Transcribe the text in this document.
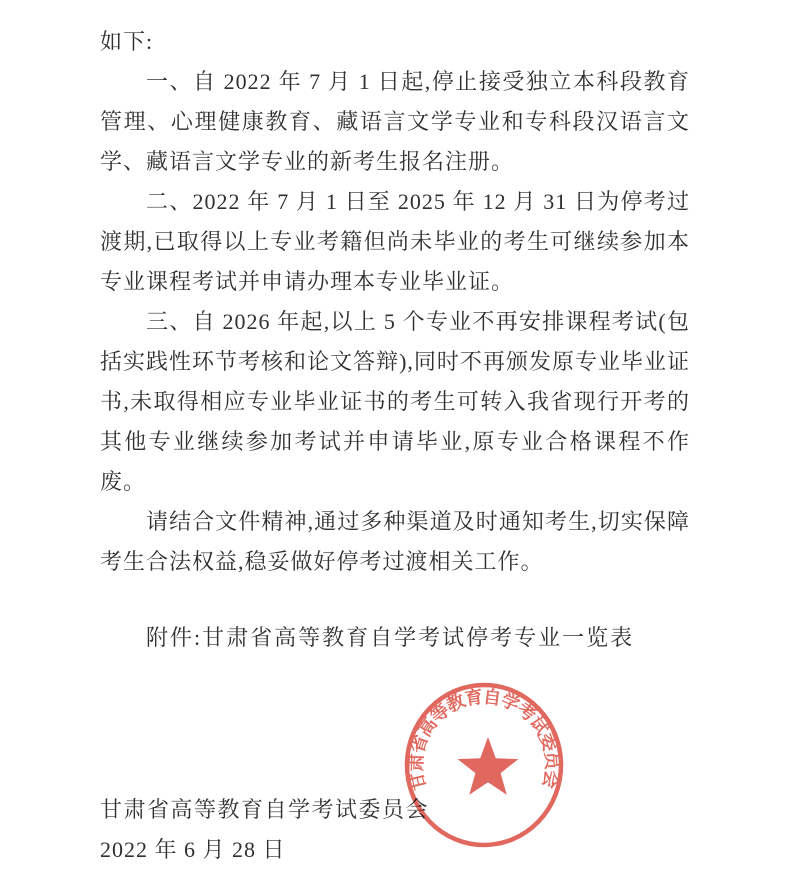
如下:

一、自 2022 年 7 月 1 日起,停止接受独立本科段教育管理、心理健康教育、藏语言文学专业和专科段汉语言文学、藏语言文学专业的新考生报名注册。

二、2022 年 7 月 1 日至 2025 年 12 月 31 日为停考过渡期,已取得以上专业考籍但尚未毕业的考生可继续参加本专业课程考试并申请办理本专业毕业证。

三、自 2026 年起,以上 5 个专业不再安排课程考试(包括实践性环节考核和论文答辩),同时不再颁发原专业毕业证书,未取得相应专业毕业证书的考生可转入我省现行开考的其他专业继续参加考试并申请毕业,原专业合格课程不作废。

请结合文件精神,通过多种渠道及时通知考生,切实保障考生合法权益,稳妥做好停考过渡相关工作。

附件:甘肃省高等教育自学考试停考专业一览表

甘肃省高等教育自学考试委员会

2022 年 6 月 28 日

甘肃省高等教育自学考试委员会
